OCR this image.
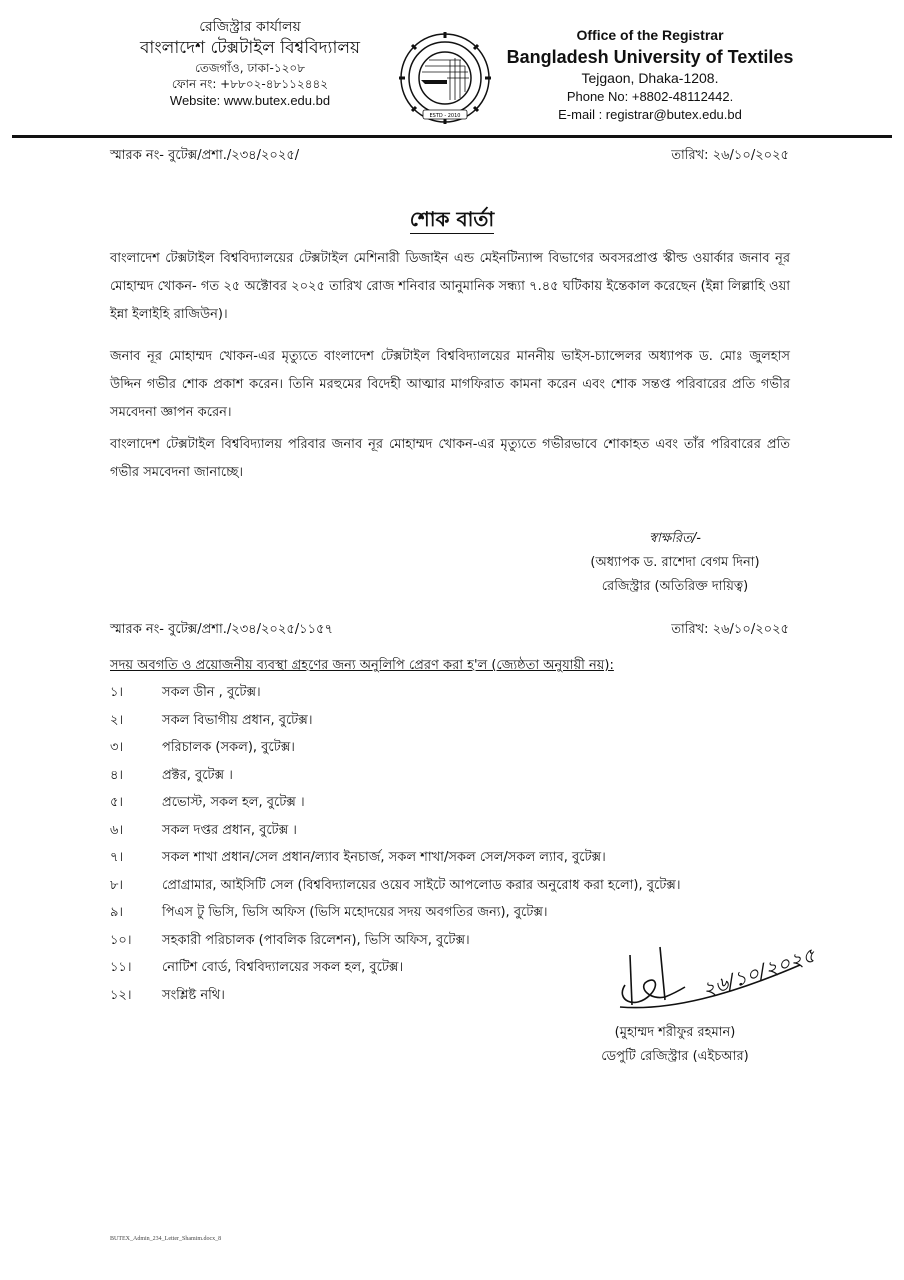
রেজিস্ট্রার কার্যালয়
বাংলাদেশ টেক্সটাইল বিশ্ববিদ্যালয়
তেজগাঁও, ঢাকা-১২০৮
ফোন নং: +৮৮০২-৪৮১১২৪৪২
Website: www.butex.edu.bd
ESTD - 2010
Office of the Registrar
Bangladesh University of Textiles
Tejgaon, Dhaka-1208.
Phone No: +8802-48112442.
E-mail : registrar@butex.edu.bd
স্মারক নং- বুটেক্স/প্রশা./২৩৪/২০২৫/	তারিখ: ২৬/১০/২০২৫
শোক বার্তা
বাংলাদেশ টেক্সটাইল বিশ্ববিদ্যালয়ের টেক্সটাইল মেশিনারী ডিজাইন এন্ড মেইনটিন্যান্স বিভাগের অবসরপ্রাপ্ত স্কীল্ড ওয়ার্কার জনাব নূর মোহাম্মদ খোকন- গত ২৫ অক্টোবর ২০২৫ তারিখ রোজ শনিবার আনুমানিক সন্ধ্যা ৭.৪৫ ঘটিকায় ইন্তেকাল করেছেন (ইন্না লিল্লাহি ওয়া ইন্না ইলাইহি রাজিউন)।
জনাব নূর মোহাম্মদ খোকন-এর মৃত্যুতে বাংলাদেশ টেক্সটাইল বিশ্ববিদ্যালয়ের মাননীয় ভাইস-চ্যান্সেলর অধ্যাপক ড. মোঃ জুলহাস উদ্দিন গভীর শোক প্রকাশ করেন। তিনি মরহুমের বিদেহী আত্মার মাগফিরাত কামনা করেন এবং শোক সন্তপ্ত পরিবারের প্রতি গভীর সমবেদনা জ্ঞাপন করেন।
বাংলাদেশ টেক্সটাইল বিশ্ববিদ্যালয় পরিবার জনাব নূর মোহাম্মদ খোকন-এর মৃত্যুতে গভীরভাবে শোকাহত এবং তাঁর পরিবারের প্রতি গভীর সমবেদনা জানাচ্ছে।
স্বাক্ষরিত/-
(অধ্যাপক ড. রাশেদা বেগম দিনা)
রেজিস্ট্রার (অতিরিক্ত দায়িত্ব)
স্মারক নং- বুটেক্স/প্রশা./২৩৪/২০২৫/১১৫৭	তারিখ: ২৬/১০/২০২৫
সদয় অবগতি ও প্রয়োজনীয় ব্যবস্থা গ্রহণের জন্য অনুলিপি প্রেরণ করা হ'ল (জ্যেষ্ঠতা অনুযায়ী নয়):
১।	সকল ডীন , বুটেক্স।
২।	সকল বিভাগীয় প্রধান, বুটেক্স।
৩।	পরিচালক (সকল), বুটেক্স।
৪।	প্রক্টর, বুটেক্স ।
৫।	প্রভোস্ট, সকল হল, বুটেক্স ।
৬।	সকল দপ্তর প্রধান, বুটেক্স ।
৭।	সকল শাখা প্রধান/সেল প্রধান/ল্যাব ইনচার্জ, সকল শাখা/সকল সেল/সকল ল্যাব, বুটেক্স।
৮।	প্রোগ্রামার, আইসিটি সেল (বিশ্ববিদ্যালয়ের ওয়েব সাইটে আপলোড করার অনুরোধ করা হলো), বুটেক্স।
৯।	পিএস টু ভিসি, ভিসি অফিস (ভিসি মহোদয়ের সদয় অবগতির জন্য), বুটেক্স।
১০।	সহকারী পরিচালক (পাবলিক রিলেশন), ভিসি অফিস, বুটেক্স।
১১।	নোটিশ বোর্ড, বিশ্ববিদ্যালয়ের সকল হল, বুটেক্স।
১২।	সংশ্লিষ্ট নথি।	২৬/১০/২০২৫
(মুহাম্মদ শরীফুর রহমান)
ডেপুটি রেজিস্ট্রার (এইচআর)
BUTEX_Admin_234_Letter_Shamim.docx_8
